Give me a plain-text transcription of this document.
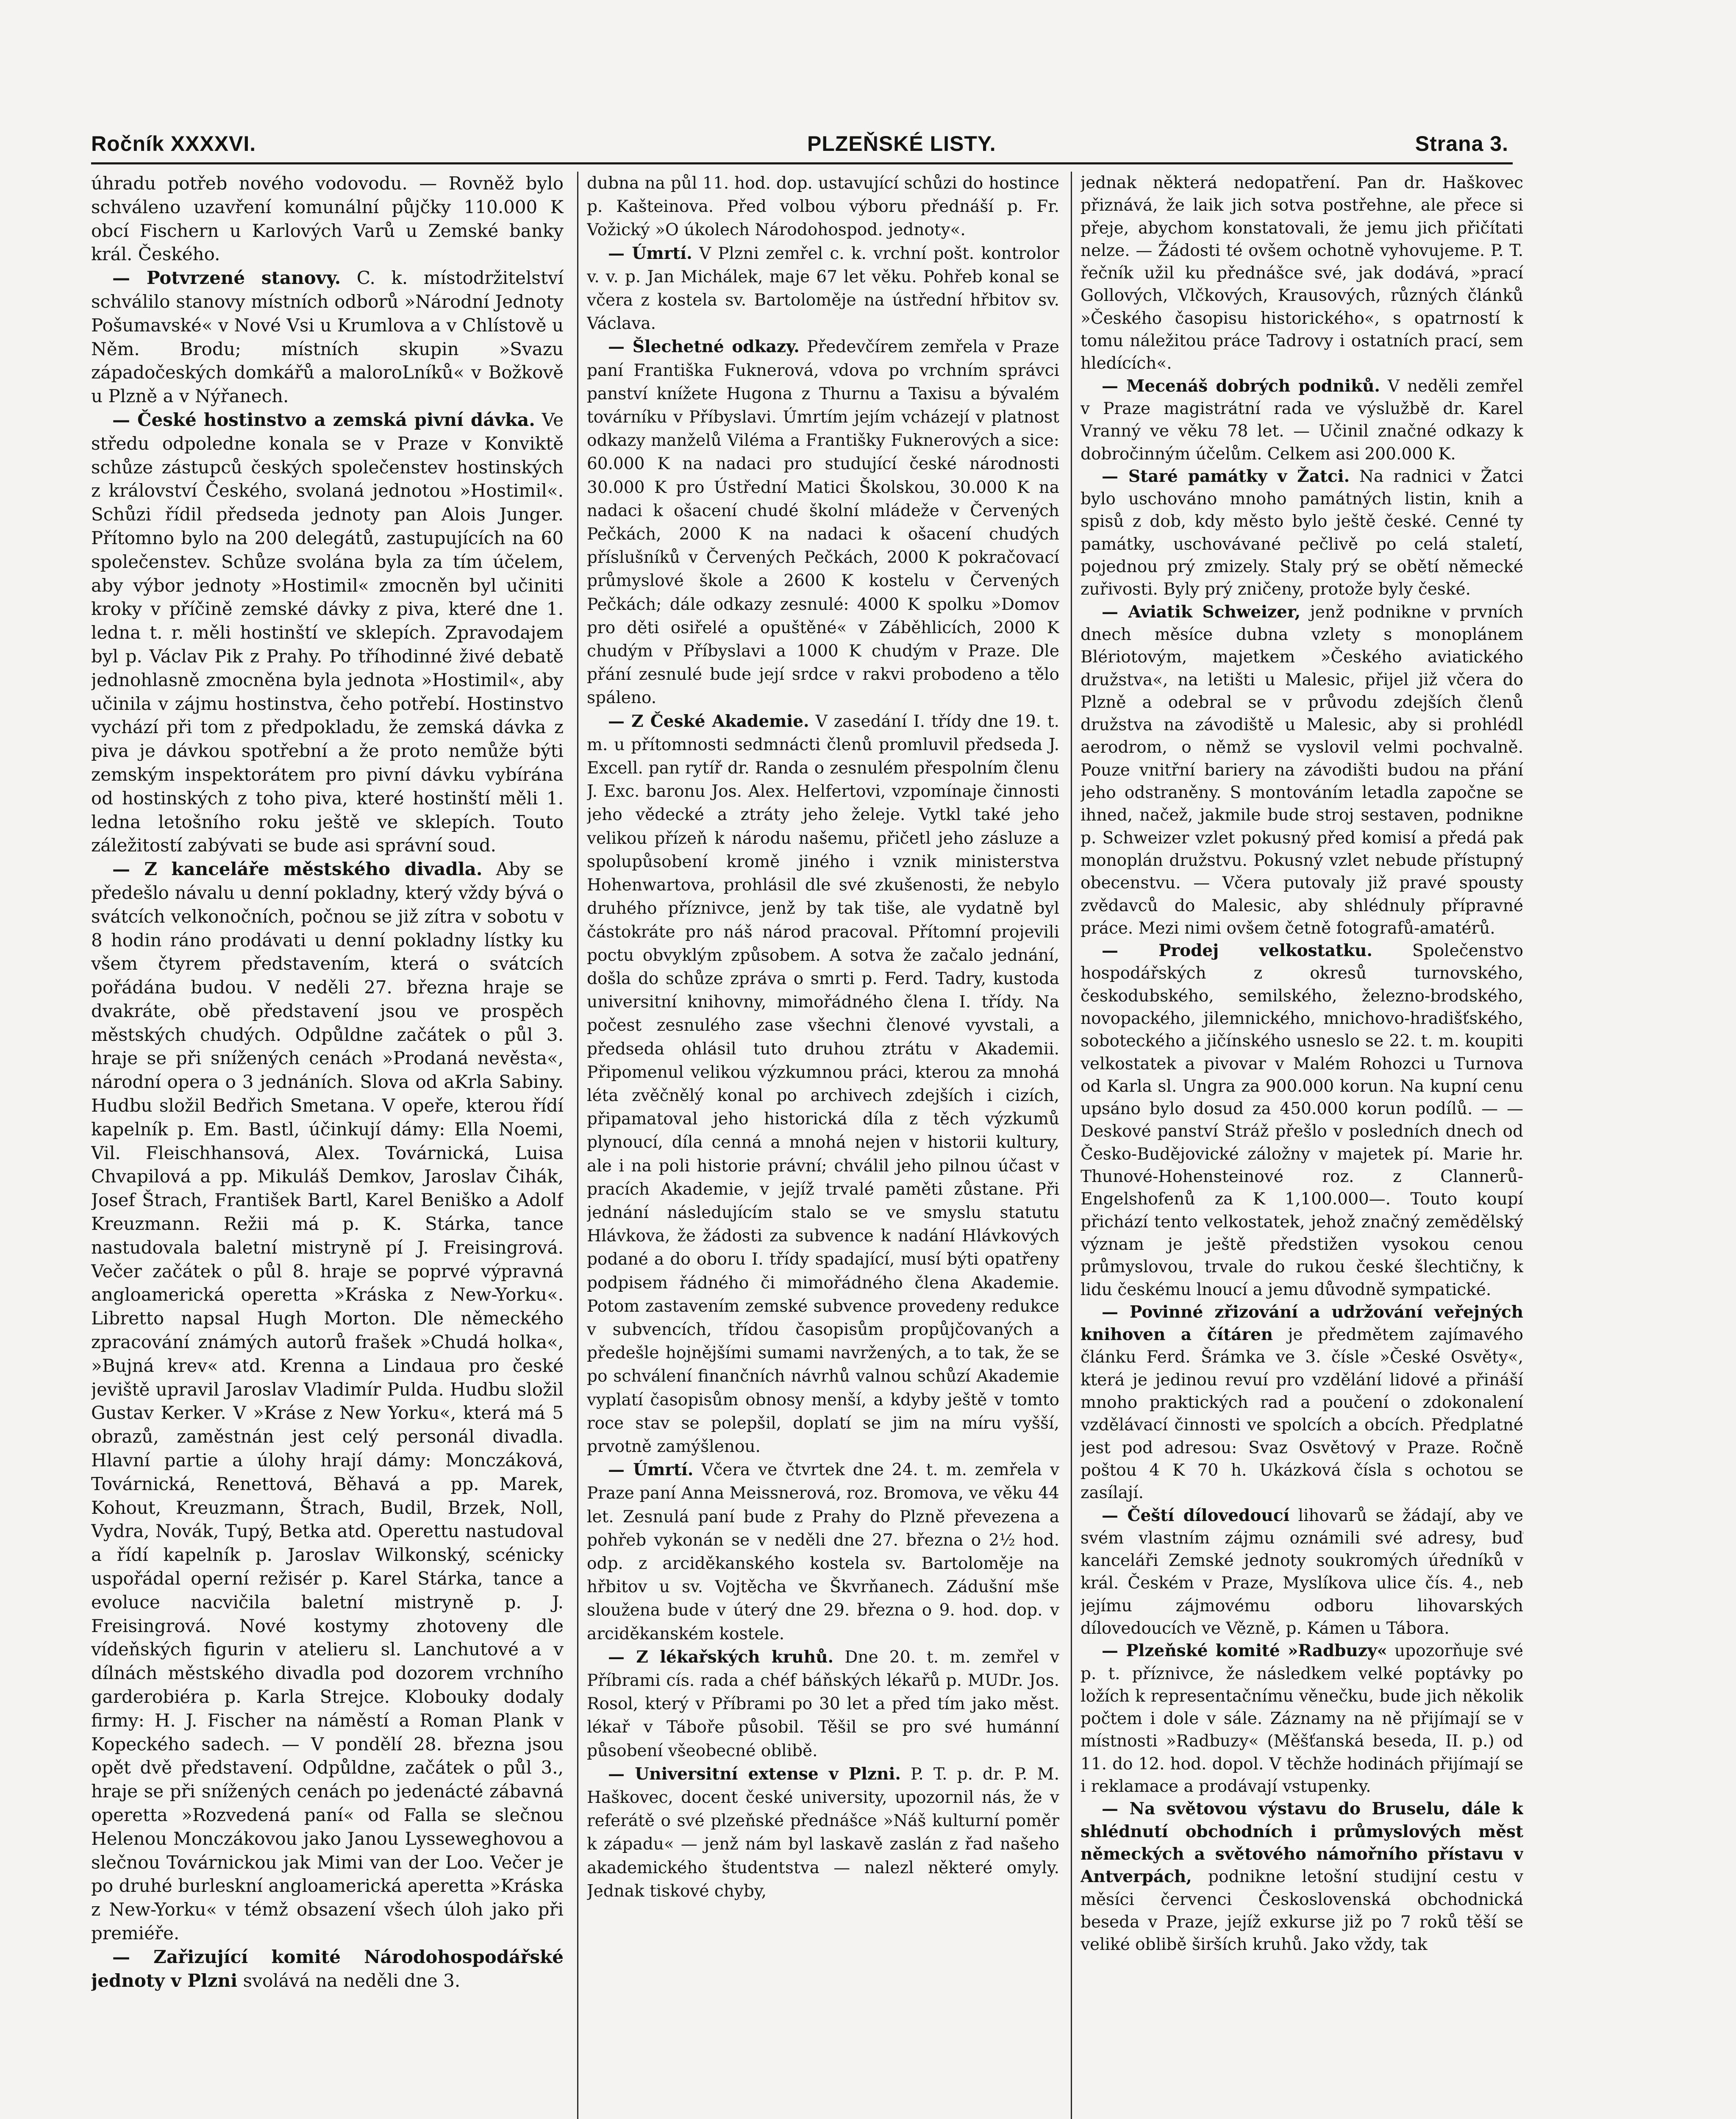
Ročník XXXXVI.	PLZEŇSKÉ LISTY.	Strana 3.

úhradu potřeb nového vodovodu. — Rovněž bylo schváleno uzavření komunální půjčky 110.000 K obcí Fischern u Karlových Varů u Zemské banky král. Českého.

— Potvrzené stanovy. C. k. místodržitelství schválilo stanovy místních odborů »Národní Jednoty Pošumavské« v Nové Vsi u Krumlova a v Chlístově u Něm. Brodu; místních skupin »Svazu západočeských domkářů a maloroLníků« v Božkově u Plzně a v Nýřanech.

— České hostinstvo a zemská pivní dávka. Ve středu odpoledne konala se v Praze v Konviktě schůze zástupců českých společenstev hostinských z království Českého, svolaná jednotou »Hostimil«. Schůzi řídil předseda jednoty pan Alois Junger. Přítomno bylo na 200 delegátů, zastupujících na 60 společenstev. Schůze svolána byla za tím účelem, aby výbor jednoty »Hostimil« zmocněn byl učiniti kroky v příčině zemské dávky z piva, které dne 1. ledna t. r. měli hostinští ve sklepích. Zpravodajem byl p. Václav Pik z Prahy. Po tříhodinné živé debatě jednohlasně zmocněna byla jednota »Hostimil«, aby učinila v zájmu hostinstva, čeho potřebí. Hostinstvo vychází při tom z předpokladu, že zemská dávka z piva je dávkou spotřební a že proto nemůže býti zemským inspektorátem pro pivní dávku vybírána od hostinských z toho piva, které hostinští měli 1. ledna letošního roku ještě ve sklepích. Touto záležitostí zabývati se bude asi správní soud.

— Z kanceláře městského divadla. Aby se předešlo návalu u denní pokladny, který vždy bývá o svátcích velkonočních, počnou se již zítra v sobotu v 8 hodin ráno prodávati u denní pokladny lístky ku všem čtyrem představením, která o svátcích pořádána budou. V neděli 27. března hraje se dvakráte, obě představení jsou ve prospěch městských chudých. Odpůldne začátek o půl 3. hraje se při snížených cenách »Prodaná nevěsta«, národní opera o 3 jednáních. Slova od aKrla Sabiny. Hudbu složil Bedřich Smetana. V opeře, kterou řídí kapelník p. Em. Bastl, účinkují dámy: Ella Noemi, Vil. Fleischhansová, Alex. Továrnická, Luisa Chvapilová a pp. Mikuláš Demkov, Jaroslav Čihák, Josef Štrach, František Bartl, Karel Beniško a Adolf Kreuzmann. Režii má p. K. Stárka, tance nastudovala baletní mistryně pí J. Freisingrová. Večer začátek o půl 8. hraje se poprvé výpravná angloamerická operetta »Kráska z New-Yorku«. Libretto napsal Hugh Morton. Dle německého zpracování známých autorů frašek »Chudá holka«, »Bujná krev« atd. Krenna a Lindaua pro české jeviště upravil Jaroslav Vladimír Pulda. Hudbu složil Gustav Kerker. V »Kráse z New Yorku«, která má 5 obrazů, zaměstnán jest celý personál divadla. Hlavní partie a úlohy hrají dámy: Monczáková, Továrnická, Renettová, Běhavá a pp. Marek, Kohout, Kreuzmann, Štrach, Budil, Brzek, Noll, Vydra, Novák, Tupý, Betka atd. Operettu nastudoval a řídí kapelník p. Jaroslav Wilkonský, scénicky uspořádal operní režisér p. Karel Stárka, tance a evoluce nacvičila baletní mistryně p. J. Freisingrová. Nové kostymy zhotoveny dle vídeňských figurin v atelieru sl. Lanchutové a v dílnách městského divadla pod dozorem vrchního garderobiéra p. Karla Strejce. Klobouky dodaly firmy: H. J. Fischer na náměstí a Roman Plank v Kopeckého sadech. — V pondělí 28. března jsou opět dvě představení. Odpůldne, začátek o půl 3., hraje se při snížených cenách po jedenácté zábavná operetta »Rozvedená paní« od Falla se slečnou Helenou Monczákovou jako Janou Lysseweghovou a slečnou Továrnickou jak Mimi van der Loo. Večer je po druhé burleskní angloamerická aperetta »Kráska z New-Yorku« v témž obsazení všech úloh jako při premiéře.

— Zařizující komité Národohospodářské jednoty v Plzni svolává na neděli dne 3.

dubna na půl 11. hod. dop. ustavující schůzi do hostince p. Kašteinova. Před volbou výboru přednáší p. Fr. Vožický »O úkolech Národohospod. jednoty«.

— Úmrtí. V Plzni zemřel c. k. vrchní pošt. kontrolor v. v. p. Jan Michálek, maje 67 let věku. Pohřeb konal se včera z kostela sv. Bartoloměje na ústřední hřbitov sv. Václava.

— Šlechetné odkazy. Předevčírem zemřela v Praze paní Františka Fuknerová, vdova po vrchním správci panství knížete Hugona z Thurnu a Taxisu a bývalém továrníku v Příbyslavi. Úmrtím jejím vcházejí v platnost odkazy manželů Viléma a Františky Fuknerových a sice: 60.000 K na nadaci pro studující české národnosti 30.000 K pro Ústřední Matici Školskou, 30.000 K na nadaci k ošacení chudé školní mládeže v Červených Pečkách, 2000 K na nadaci k ošacení chudých příslušníků v Červených Pečkách, 2000 K pokračovací průmyslové škole a 2600 K kostelu v Červených Pečkách; dále odkazy zesnulé: 4000 K spolku »Domov pro děti osiřelé a opuštěné« v Záběhlicích, 2000 K chudým v Příbyslavi a 1000 K chudým v Praze. Dle přání zesnulé bude její srdce v rakvi probodeno a tělo spáleno.

— Z České Akademie. V zasedání I. třídy dne 19. t. m. u přítomnosti sedmnácti členů promluvil předseda J. Excell. pan rytíř dr. Randa o zesnulém přespolním členu J. Exc. baronu Jos. Alex. Helfertovi, vzpomínaje činnosti jeho vědecké a ztráty jeho želeje. Vytkl také jeho velikou přízeň k národu našemu, přičetl jeho zásluze a spolupůsobení kromě jiného i vznik ministerstva Hohenwartova, prohlásil dle své zkušenosti, že nebylo druhého příznivce, jenž by tak tiše, ale vydatně byl částokráte pro náš národ pracoval. Přítomní projevili poctu obvyklým způsobem. A sotva že začalo jednání, došla do schůze zpráva o smrti p. Ferd. Tadry, kustoda universitní knihovny, mimořádného člena I. třídy. Na počest zesnulého zase všechni členové vyvstali, a předseda ohlásil tuto druhou ztrátu v Akademii. Připomenul velikou výzkumnou práci, kterou za mnohá léta zvěčnělý konal po archivech zdejších i cizích, připamatoval jeho historická díla z těch výzkumů plynoucí, díla cenná a mnohá nejen v historii kultury, ale i na poli historie právní; chválil jeho pilnou účast v pracích Akademie, v jejíž trvalé paměti zůstane. Při jednání následujícím stalo se ve smyslu statutu Hlávkova, že žádosti za subvence k nadání Hlávkových podané a do oboru I. třídy spadající, musí býti opatřeny podpisem řádného či mimořádného člena Akademie. Potom zastavením zemské subvence provedeny redukce v subvencích, třídou časopisům propůjčovaných a předešle hojnějšími sumami navržených, a to tak, že se po schválení finančních návrhů valnou schůzí Akademie vyplatí časopisům obnosy menší, a kdyby ještě v tomto roce stav se polepšil, doplatí se jim na míru vyšší, prvotně zamýšlenou.

— Úmrtí. Včera ve čtvrtek dne 24. t. m. zemřela v Praze paní Anna Meissnerová, roz. Bromova, ve věku 44 let. Zesnulá paní bude z Prahy do Plzně převezena a pohřeb vykonán se v neděli dne 27. března o 2½ hod. odp. z arciděkanského kostela sv. Bartoloměje na hřbitov u sv. Vojtěcha ve Škvrňanech. Zádušní mše sloužena bude v úterý dne 29. března o 9. hod. dop. v arciděkanském kostele.

— Z lékařských kruhů. Dne 20. t. m. zemřel v Příbrami cís. rada a chéf báňských lékařů p. MUDr. Jos. Rosol, který v Příbrami po 30 let a před tím jako měst. lékař v Táboře působil. Těšil se pro své humánní působení všeobecné oblibě.

— Universitní extense v Plzni. P. T. p. dr. P. M. Haškovec, docent české university, upozornil nás, že v referátě o své plzeňské přednášce »Náš kulturní poměr k západu« — jenž nám byl laskavě zaslán z řad našeho akademického študentstva — nalezl některé omyly. Jednak tiskové chyby,

jednak některá nedopatření. Pan dr. Haškovec přiznává, že laik jich sotva postřehne, ale přece si přeje, abychom konstatovali, že jemu jich přičítati nelze. — Žádosti té ovšem ochotně vyhovujeme. P. T. řečník užil ku přednášce své, jak dodává, »prací Gollových, Vlčkových, Krausových, různých článků »Českého časopisu historického«, s opatrností k tomu náležitou práce Tadrovy i ostatních prací, sem hledících«.

— Mecenáš dobrých podniků. V neděli zemřel v Praze magistrátní rada ve výslužbě dr. Karel Vranný ve věku 78 let. — Učinil značné odkazy k dobročinným účelům. Celkem asi 200.000 K.

— Staré památky v Žatci. Na radnici v Žatci bylo uschováno mnoho památných listin, knih a spisů z dob, kdy město bylo ještě české. Cenné ty památky, uschovávané pečlivě po celá staletí, pojednou prý zmizely. Staly prý se obětí německé zuřivosti. Byly prý zničeny, protože byly české.

— Aviatik Schweizer, jenž podnikne v prvních dnech měsíce dubna vzlety s monoplánem Blériotovým, majetkem »Českého aviatického družstva«, na letišti u Malesic, přijel již včera do Plzně a odebral se v průvodu zdejších členů družstva na závodiště u Malesic, aby si prohlédl aerodrom, o němž se vyslovil velmi pochvalně. Pouze vnitřní bariery na závodišti budou na přání jeho odstraněny. S montováním letadla započne se ihned, načež, jakmile bude stroj sestaven, podnikne p. Schweizer vzlet pokusný před komisí a předá pak monoplán družstvu. Pokusný vzlet nebude přístupný obecenstvu. — Včera putovaly již pravé spousty zvědavců do Malesic, aby shlédnuly přípravné práce. Mezi nimi ovšem četně fotografů-amatérů.

— Prodej velkostatku. Společenstvo hospodářských z okresů turnovského, českodubského, semilského, železno-brodského, novopackého, jilemnického, mnichovo-hradišťského, soboteckého a jičínského usneslo se 22. t. m. koupiti velkostatek a pivovar v Malém Rohozci u Turnova od Karla sl. Ungra za 900.000 korun. Na kupní cenu upsáno bylo dosud za 450.000 korun podílů. — — Deskové panství Stráž přešlo v posledních dnech od Česko-Budějovické záložny v majetek pí. Marie hr. Thunové-Hohensteinové roz. z Clannerů-Engelshofenů za K 1,100.000—. Touto koupí přichází tento velkostatek, jehož značný zemědělský význam je ještě předstižen vysokou cenou průmyslovou, trvale do rukou české šlechtičny, k lidu českému lnoucí a jemu důvodně sympatické.

— Povinné zřizování a udržování veřejných knihoven a čítáren je předmětem zajímavého článku Ferd. Šrámka ve 3. čísle »České Osvěty«, která je jedinou revuí pro vzdělání lidové a přináší mnoho praktických rad a poučení o zdokonalení vzdělávací činnosti ve spolcích a obcích. Předplatné jest pod adresou: Svaz Osvětový v Praze. Ročně poštou 4 K 70 h. Ukázková čísla s ochotou se zasílají.

— Čeští dílovedoucí lihovarů se žádají, aby ve svém vlastním zájmu oznámili své adresy, buď kanceláři Zemské jednoty soukromých úředníků v král. Českém v Praze, Myslíkova ulice čís. 4., neb jejímu zájmovému odboru lihovarských dílovedoucích ve Vězně, p. Kámen u Tábora.

— Plzeňské komité »Radbuzy« upozorňuje své p. t. příznivce, že následkem velké poptávky po ložích k representačnímu věnečku, bude jich několik počtem i dole v sále. Záznamy na ně přijímají se v místnosti »Radbuzy« (Měšťanská beseda, II. p.) od 11. do 12. hod. dopol. V těchže hodinách přijímají se i reklamace a prodávají vstupenky.

— Na světovou výstavu do Bruselu, dále k shlédnutí obchodních i průmyslových měst německých a světového námořního přístavu v Antverpách, podnikne letošní studijní cestu v měsíci červenci Československá obchodnická beseda v Praze, jejíž exkurse již po 7 roků těší se veliké oblibě širších kruhů. Jako vždy, tak
